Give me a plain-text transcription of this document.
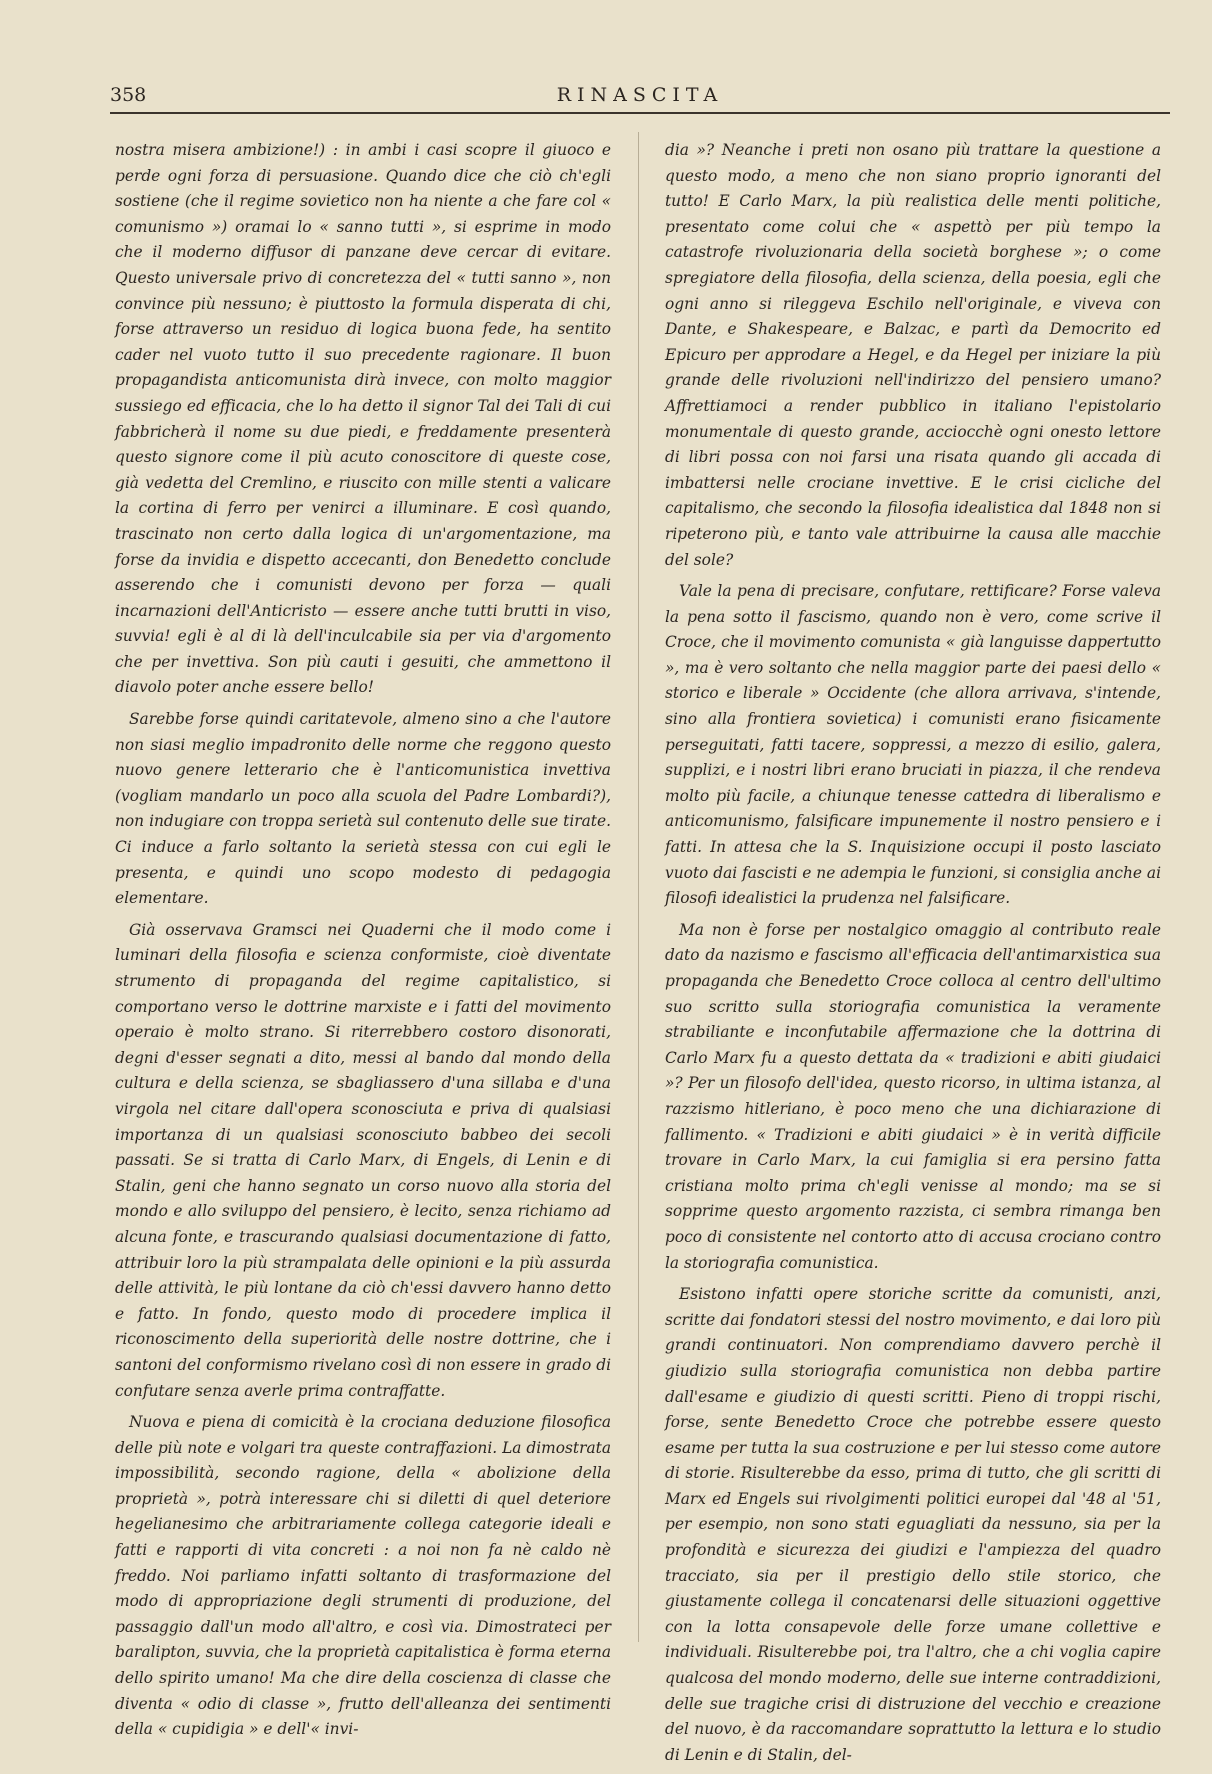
358	RINASCITA

nostra misera ambizione!) : in ambi i casi scopre il giuoco e perde ogni forza di persuasione. Quando dice che ciò ch'egli sostiene (che il regime sovietico non ha niente a che fare col « comunismo ») oramai lo « sanno tutti », si esprime in modo che il moderno diffusor di panzane deve cercar di evitare. Questo universale privo di concretezza del « tutti sanno », non convince più nessuno; è piuttosto la formula disperata di chi, forse attraverso un residuo di logica buona fede, ha sentito cader nel vuoto tutto il suo precedente ragionare. Il buon propagandista anticomunista dirà invece, con molto maggior sussiego ed efficacia, che lo ha detto il signor Tal dei Tali di cui fabbricherà il nome su due piedi, e freddamente presenterà questo signore come il più acuto conoscitore di queste cose, già vedetta del Cremlino, e riuscito con mille stenti a valicare la cortina di ferro per venirci a illuminare. E così quando, trascinato non certo dalla logica di un'argomentazione, ma forse da invidia e dispetto accecanti, don Benedetto conclude asserendo che i comunisti devono per forza — quali incarnazioni dell'Anticristo — essere anche tutti brutti in viso, suvvia! egli è al di là dell'inculcabile sia per via d'argomento che per invettiva. Son più cauti i gesuiti, che ammettono il diavolo poter anche essere bello!

Sarebbe forse quindi caritatevole, almeno sino a che l'autore non siasi meglio impadronito delle norme che reggono questo nuovo genere letterario che è l'anticomunistica invettiva (vogliam mandarlo un poco alla scuola del Padre Lombardi?), non indugiare con troppa serietà sul contenuto delle sue tirate. Ci induce a farlo soltanto la serietà stessa con cui egli le presenta, e quindi uno scopo modesto di pedagogia elementare.

Già osservava Gramsci nei Quaderni che il modo come i luminari della filosofia e scienza conformiste, cioè diventate strumento di propaganda del regime capitalistico, si comportano verso le dottrine marxiste e i fatti del movimento operaio è molto strano. Si riterrebbero costoro disonorati, degni d'esser segnati a dito, messi al bando dal mondo della cultura e della scienza, se sbagliassero d'una sillaba e d'una virgola nel citare dall'opera sconosciuta e priva di qualsiasi importanza di un qualsiasi sconosciuto babbeo dei secoli passati. Se si tratta di Carlo Marx, di Engels, di Lenin e di Stalin, geni che hanno segnato un corso nuovo alla storia del mondo e allo sviluppo del pensiero, è lecito, senza richiamo ad alcuna fonte, e trascurando qualsiasi documentazione di fatto, attribuir loro la più strampalata delle opinioni e la più assurda delle attività, le più lontane da ciò ch'essi davvero hanno detto e fatto. In fondo, questo modo di procedere implica il riconoscimento della superiorità delle nostre dottrine, che i santoni del conformismo rivelano così di non essere in grado di confutare senza averle prima contraffatte.

Nuova e piena di comicità è la crociana deduzione filosofica delle più note e volgari tra queste contraffazioni. La dimostrata impossibilità, secondo ragione, della « abolizione della proprietà », potrà interessare chi si diletti di quel deteriore hegelianesimo che arbitrariamente collega categorie ideali e fatti e rapporti di vita concreti : a noi non fa nè caldo nè freddo. Noi parliamo infatti soltanto di trasformazione del modo di appropriazione degli strumenti di produzione, del passaggio dall'un modo all'altro, e così via. Dimostrateci per baralipton, suvvia, che la proprietà capitalistica è forma eterna dello spirito umano! Ma che dire della coscienza di classe che diventa « odio di classe », frutto dell'alleanza dei sentimenti della « cupidigia » e dell'« invi-

dia »? Neanche i preti non osano più trattare la questione a questo modo, a meno che non siano proprio ignoranti del tutto! E Carlo Marx, la più realistica delle menti politiche, presentato come colui che « aspettò per più tempo la catastrofe rivoluzionaria della società borghese »; o come spregiatore della filosofia, della scienza, della poesia, egli che ogni anno si rileggeva Eschilo nell'originale, e viveva con Dante, e Shakespeare, e Balzac, e partì da Democrito ed Epicuro per approdare a Hegel, e da Hegel per iniziare la più grande delle rivoluzioni nell'indirizzo del pensiero umano? Affrettiamoci a render pubblico in italiano l'epistolario monumentale di questo grande, acciocchè ogni onesto lettore di libri possa con noi farsi una risata quando gli accada di imbattersi nelle crociane invettive. E le crisi cicliche del capitalismo, che secondo la filosofia idealistica dal 1848 non si ripeterono più, e tanto vale attribuirne la causa alle macchie del sole?

Vale la pena di precisare, confutare, rettificare? Forse valeva la pena sotto il fascismo, quando non è vero, come scrive il Croce, che il movimento comunista « già languisse dappertutto », ma è vero soltanto che nella maggior parte dei paesi dello « storico e liberale » Occidente (che allora arrivava, s'intende, sino alla frontiera sovietica) i comunisti erano fisicamente perseguitati, fatti tacere, soppressi, a mezzo di esilio, galera, supplizi, e i nostri libri erano bruciati in piazza, il che rendeva molto più facile, a chiunque tenesse cattedra di liberalismo e anticomunismo, falsificare impunemente il nostro pensiero e i fatti. In attesa che la S. Inquisizione occupi il posto lasciato vuoto dai fascisti e ne adempia le funzioni, si consiglia anche ai filosofi idealistici la prudenza nel falsificare.

Ma non è forse per nostalgico omaggio al contributo reale dato da nazismo e fascismo all'efficacia dell'antimarxistica sua propaganda che Benedetto Croce colloca al centro dell'ultimo suo scritto sulla storiografia comunistica la veramente strabiliante e inconfutabile affermazione che la dottrina di Carlo Marx fu a questo dettata da « tradizioni e abiti giudaici »? Per un filosofo dell'idea, questo ricorso, in ultima istanza, al razzismo hitleriano, è poco meno che una dichiarazione di fallimento. « Tradizioni e abiti giudaici » è in verità difficile trovare in Carlo Marx, la cui famiglia si era persino fatta cristiana molto prima ch'egli venisse al mondo; ma se si sopprime questo argomento razzista, ci sembra rimanga ben poco di consistente nel contorto atto di accusa crociano contro la storiografia comunistica.

Esistono infatti opere storiche scritte da comunisti, anzi, scritte dai fondatori stessi del nostro movimento, e dai loro più grandi continuatori. Non comprendiamo davvero perchè il giudizio sulla storiografia comunistica non debba partire dall'esame e giudizio di questi scritti. Pieno di troppi rischi, forse, sente Benedetto Croce che potrebbe essere questo esame per tutta la sua costruzione e per lui stesso come autore di storie. Risulterebbe da esso, prima di tutto, che gli scritti di Marx ed Engels sui rivolgimenti politici europei dal '48 al '51, per esempio, non sono stati eguagliati da nessuno, sia per la profondità e sicurezza dei giudizi e l'ampiezza del quadro tracciato, sia per il prestigio dello stile storico, che giustamente collega il concatenarsi delle situazioni oggettive con la lotta consapevole delle forze umane collettive e individuali. Risulterebbe poi, tra l'altro, che a chi voglia capire qualcosa del mondo moderno, delle sue interne contraddizioni, delle sue tragiche crisi di distruzione del vecchio e creazione del nuovo, è da raccomandare soprattutto la lettura e lo studio di Lenin e di Stalin, del-
